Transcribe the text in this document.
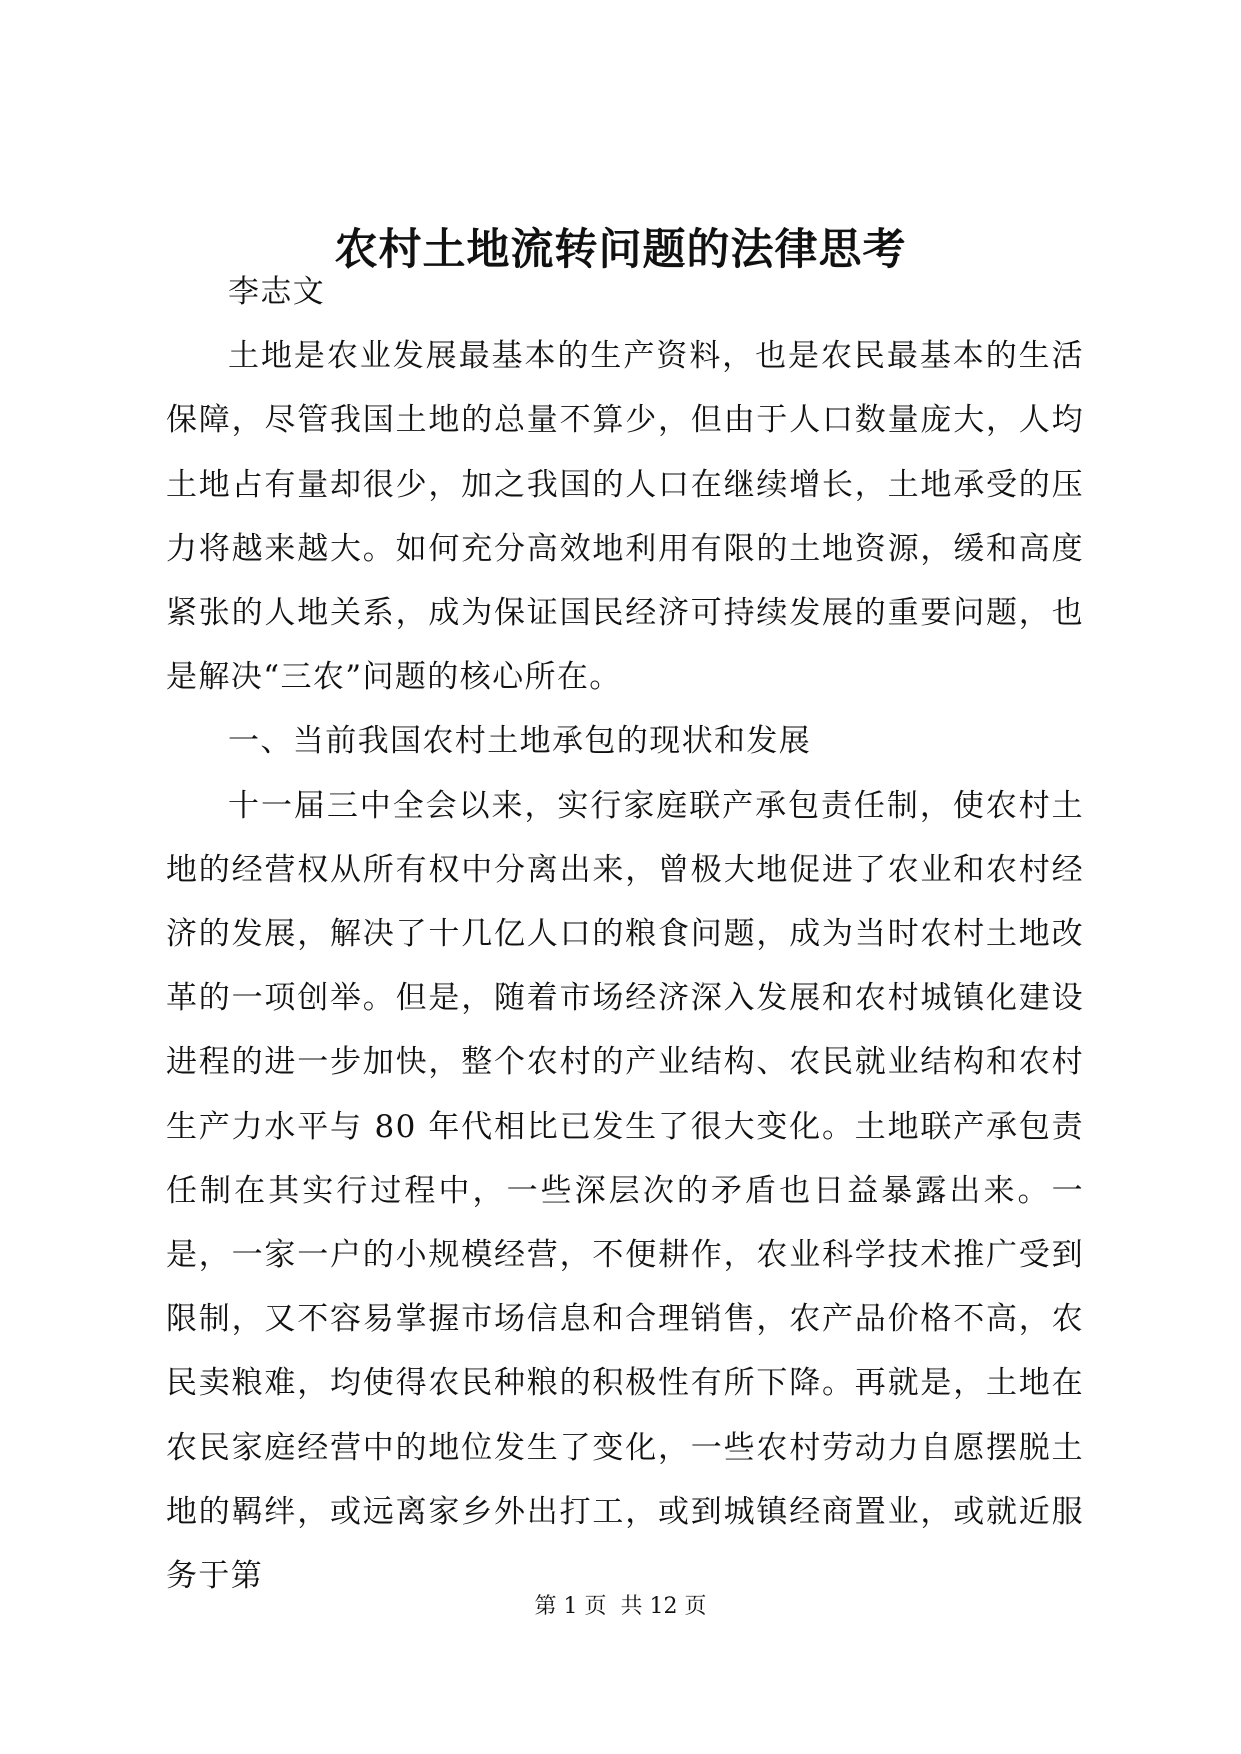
农村土地流转问题的法律思考

李志文

土地是农业发展最基本的生产资料，也是农民最基本的生活保障，尽管我国土地的总量不算少，但由于人口数量庞大，人均土地占有量却很少，加之我国的人口在继续增长，土地承受的压力将越来越大。如何充分高效地利用有限的土地资源，缓和高度紧张的人地关系，成为保证国民经济可持续发展的重要问题，也是解决“三农”问题的核心所在。

一、当前我国农村土地承包的现状和发展

十一届三中全会以来，实行家庭联产承包责任制，使农村土地的经营权从所有权中分离出来，曾极大地促进了农业和农村经济的发展，解决了十几亿人口的粮食问题，成为当时农村土地改革的一项创举。但是，随着市场经济深入发展和农村城镇化建设进程的进一步加快，整个农村的产业结构、农民就业结构和农村生产力水平与 80 年代相比已发生了很大变化。土地联产承包责任制在其实行过程中，一些深层次的矛盾也日益暴露出来。一是，一家一户的小规模经营，不便耕作，农业科学技术推广受到限制，又不容易掌握市场信息和合理销售，农产品价格不高，农民卖粮难，均使得农民种粮的积极性有所下降。再就是，土地在农民家庭经营中的地位发生了变化，一些农村劳动力自愿摆脱土地的羁绊，或远离家乡外出打工，或到城镇经商置业，或就近服务于第

第 1 页  共 12 页
